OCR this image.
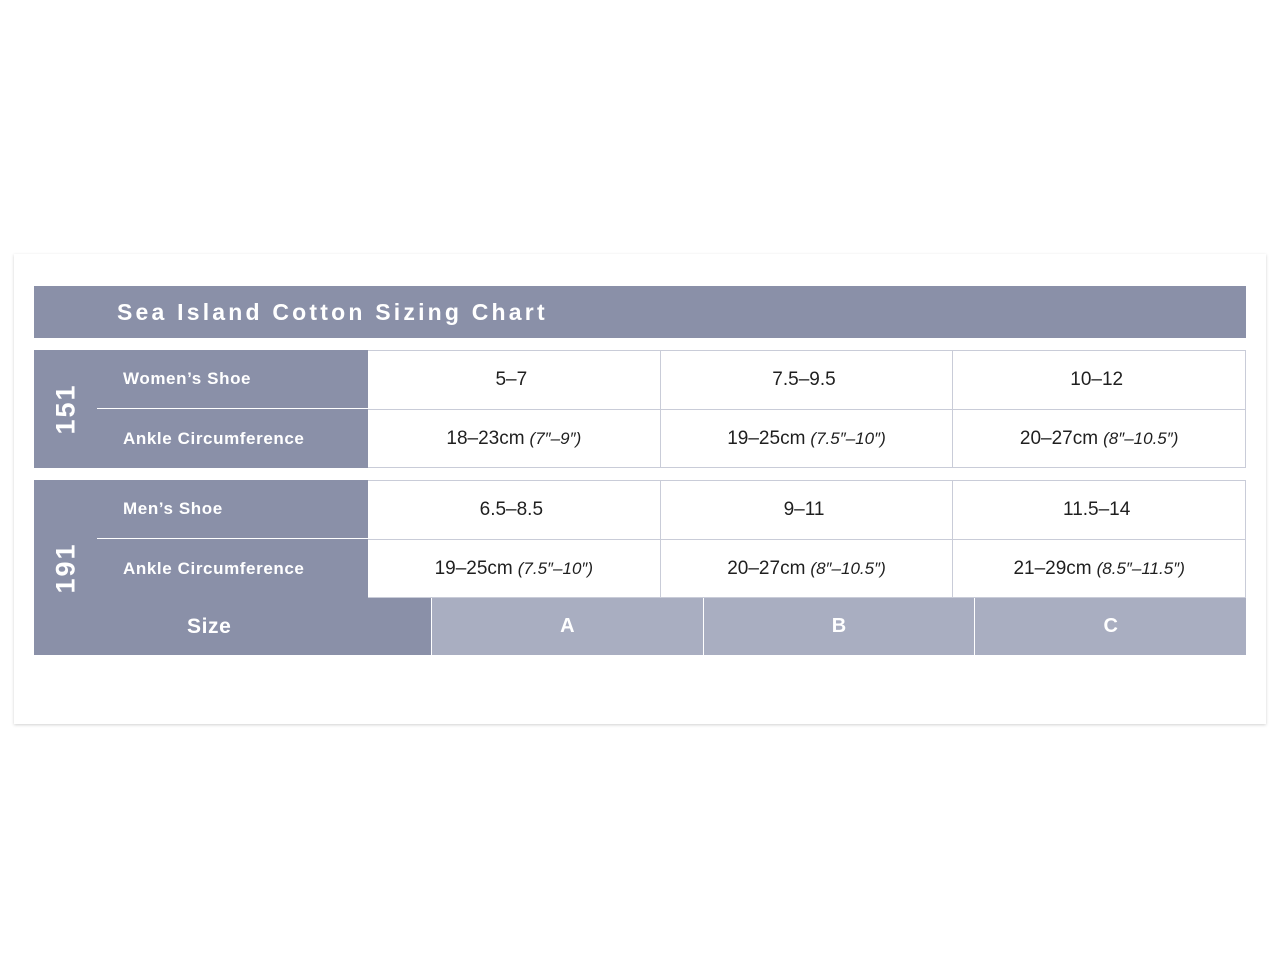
Sea Island Cotton Sizing Chart
151
Women’s Shoe	5–7	7.5–9.5	10–12
Ankle Circumference	18–23cm (7″–9″)	19–25cm (7.5″–10″)	20–27cm (8″–10.5″)
191
Men’s Shoe	6.5–8.5	9–11	11.5–14
Ankle Circumference	19–25cm (7.5″–10″)	20–27cm (8″–10.5″)	21–29cm (8.5″–11.5″)
Size	A	B	C
